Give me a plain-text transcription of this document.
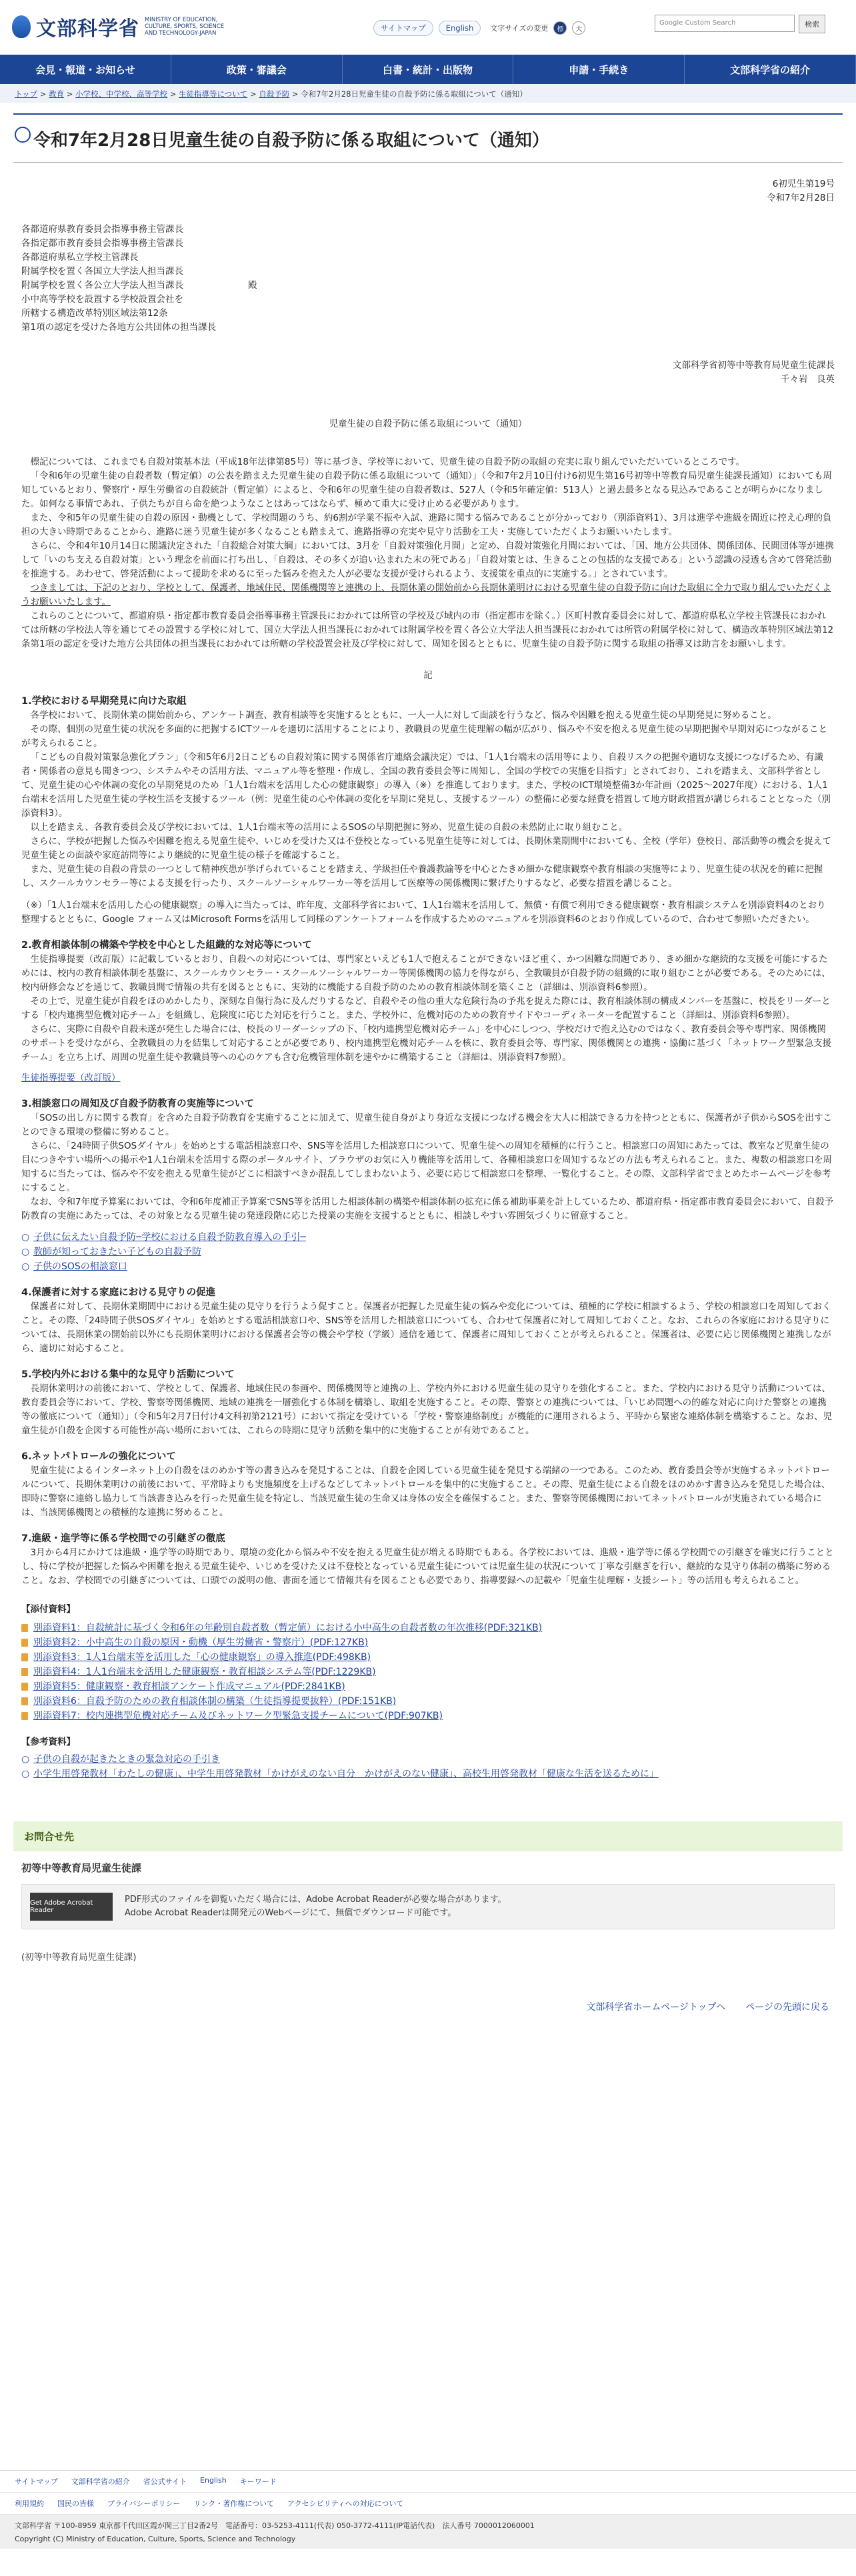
文部科学省 MINISTRY OF EDUCATION, CULTURE, SPORTS, SCIENCE AND TECHNOLOGY-JAPAN
サイトマップ	English	文字サイズの変更	標	大
Google Custom Search	検索
会見・報道・お知らせ	政策・審議会	白書・統計・出版物	申請・手続き	文部科学省の紹介
トップ > 教育 > 小学校、中学校、高等学校 > 生徒指導等について > 自殺予防 > 令和7年2月28日児童生徒の自殺予防に係る取組について（通知）
令和7年2月28日児童生徒の自殺予防に係る取組について（通知）

6初児生第19号

令和7年2月28日

各都道府県教育委員会指導事務主管課長

各指定都市教育委員会指導事務主管課長

各都道府県私立学校主管課長

附属学校を置く各国立大学法人担当課長

附属学校を置く各公立大学法人担当課長

小中高等学校を設置する学校設置会社を

所轄する構造改革特別区域法第12条

第1項の認定を受けた各地方公共団体の担当課長

殿

文部科学省初等中等教育局児童生徒課長

千々岩　良英

児童生徒の自殺予防に係る取組について（通知）

標記については、これまでも自殺対策基本法（平成18年法律第85号）等に基づき、学校等において、児童生徒の自殺予防の取組の充実に取り組んでいただいているところです。

「令和6年の児童生徒の自殺者数（暫定値）の公表を踏まえた児童生徒の自殺予防に係る取組について（通知）」（令和7年2月10日付け6初児生第16号初等中等教育局児童生徒課長通知）においても周知しているとおり、警察庁・厚生労働省の自殺統計（暫定値）によると、令和6年の児童生徒の自殺者数は、527人（令和5年確定値：513人）と過去最多となる見込みであることが明らかになりました。如何なる事情であれ、子供たちが自ら命を絶つようなことはあってはならず、極めて重大に受け止める必要があります。

また、令和5年の児童生徒の自殺の原因・動機として、学校問題のうち、約6割が学業不振や入試、進路に関する悩みであることが分かっており（別添資料1）、3月は進学や進級を間近に控え心理的負担の大きい時期であることから、進路に迷う児童生徒が多くなることも踏まえて、進路指導の充実や見守り活動を工夫・実施していただくようお願いいたします。

さらに、令和4年10月14日に閣議決定された「自殺総合対策大綱」においては、3月を「自殺対策強化月間」と定め、自殺対策強化月間においては、「国、地方公共団体、関係団体、民間団体等が連携して「いのち支える自殺対策」という理念を前面に打ち出し、「自殺は、その多くが追い込まれた末の死である」「自殺対策とは、生きることの包括的な支援である」という認識の浸透も含めて啓発活動を推進する。あわせて、啓発活動によって援助を求めるに至った悩みを抱えた人が必要な支援が受けられるよう、支援策を重点的に実施する。」とされています。

つきましては、下記のとおり、学校として、保護者、地域住民、関係機関等と連携の上、長期休業の開始前から長期休業明けにおける児童生徒の自殺予防に向けた取組に全力で取り組んでいただくようお願いいたします。

これらのことについて、都道府県・指定都市教育委員会指導事務主管課長におかれては所管の学校及び域内の市（指定都市を除く。）区町村教育委員会に対して、都道府県私立学校主管課長におかれては所轄の学校法人等を通じてその設置する学校に対して、国立大学法人担当課長におかれては附属学校を置く各公立大学法人担当課長におかれては所管の附属学校に対して、構造改革特別区域法第12条第1項の認定を受けた地方公共団体の担当課長におかれては所轄の学校設置会社及び学校に対して、周知を図るとともに、児童生徒の自殺予防に関する取組の指導又は助言をお願いします。

記

1.学校における早期発見に向けた取組

各学校において、長期休業の開始前から、アンケート調査、教育相談等を実施するとともに、一人一人に対して面談を行うなど、悩みや困難を抱える児童生徒の早期発見に努めること。

その際、個別の児童生徒の状況を多面的に把握するICTツールを適切に活用することにより、教職員の児童生徒理解の幅が広がり、悩みや不安を抱える児童生徒の早期把握や早期対応につながることが考えられること。

「こどもの自殺対策緊急強化プラン」（令和5年6月2日こどもの自殺対策に関する関係省庁連絡会議決定）では、「1人1台端末の活用等により、自殺リスクの把握や適切な支援につなげるため、有識者・関係者の意見も聞きつつ、システムやその活用方法、マニュアル等を整理・作成し、全国の教育委員会等に周知し、全国の学校での実施を目指す」とされており、これを踏まえ、文部科学省として、児童生徒の心や体調の変化の早期発見のため「1人1台端末を活用した心の健康観察」の導入（※）を推進しております。また、学校のICT環境整備3か年計画（2025～2027年度）における、1人1台端末を活用した児童生徒の学校生活を支援するツール（例：児童生徒の心や体調の変化を早期に発見し、支援するツール）の整備に必要な経費を措置して地方財政措置が講じられることとなった（別添資料3）。

以上を踏まえ、各教育委員会及び学校においては、1人1台端末等の活用によるSOSの早期把握に努め、児童生徒の自殺の未然防止に取り組むこと。

さらに、学校が把握した悩みや困難を抱える児童生徒や、いじめを受けた又は不登校となっている児童生徒等に対しては、長期休業期間中においても、全校（学年）登校日、部活動等の機会を捉えて児童生徒との面談や家庭訪問等により継続的に児童生徒の様子を確認すること。

また、児童生徒の自殺の背景の一つとして精神疾患が挙げられていることを踏まえ、学級担任や養護教諭等を中心とたきめ細かな健康観察や教育相談の実施等により、児童生徒の状況を的確に把握し、スクールカウンセラー等による支援を行ったり、スクールソーシャルワーカー等を活用して医療等の関係機関に繋げたりするなど、必要な措置を講じること。

（※）「1人1台端末を活用した心の健康観察」の導入に当たっては、昨年度、文部科学省において、1人1台端末を活用して、無償・有償で利用できる健康観察・教育相談システムを別添資料4のとおり整理するとともに、Google フォーム又はMicrosoft Formsを活用して同様のアンケートフォームを作成するためのマニュアルを別添資料6のとおり作成しているので、合わせて参照いただきたい。

2.教育相談体制の構築や学校を中心とした組織的な対応等について

生徒指導提要（改訂版）に記載しているとおり、自殺への対応については、専門家といえども1人で抱えることができないほど重く、かつ困難な問題であり、きめ細かな継続的な支援を可能にするためには、校内の教育相談体制を基盤に、スクールカウンセラー・スクールソーシャルワーカー等関係機関の協力を得ながら、全教職員が自殺予防の組織的に取り組むことが必要である。そのためには、校内研修会などを通じて、教職員間で情報の共有を図るとともに、実効的に機能する自殺予防のための教育相談体制を築くこと（詳細は、別添資料6参照）。

その上で、児童生徒が自殺をほのめかしたり、深刻な自傷行為に及んだりするなど、自殺やその他の重大な危険行為の予兆を捉えた際には、教育相談体制の構成メンバーを基盤に、校長をリーダーとする「校内連携型危機対応チーム」を組織し、危険度に応じた対応を行うこと。また、学校外に、危機対応のための教育サイドやコーディネーターを配置すること（詳細は、別添資料6参照）。

さらに、実際に自殺や自殺未遂が発生した場合には、校長のリーダーシップの下、「校内連携型危機対応チーム」を中心にしつつ、学校だけで抱え込むのではなく、教育委員会等や専門家、関係機関のサポートを受けながら、全教職員の力を結集して対応することが必要であり、校内連携型危機対応チームを核に、教育委員会等、専門家、関係機関との連携・協働に基づく「ネットワーク型緊急支援チーム」を立ち上げ、周囲の児童生徒や教職員等への心のケアも含む危機管理体制を速やかに構築すること（詳細は、別添資料7参照）。

生徒指導提要（改訂版）

3.相談窓口の周知及び自殺予防教育の実施等について

「SOSの出し方に関する教育」を含めた自殺予防教育を実施することに加えて、児童生徒自身がより身近な支援につなげる機会を大人に相談できる力を持つとともに、保護者が子供からSOSを出すことのできる環境の整備に努めること。

さらに、「24時間子供SOSダイヤル」を始めとする電話相談窓口や、SNS等を活用した相談窓口について、児童生徒への周知を積極的に行うこと。相談窓口の周知にあたっては、教室など児童生徒の目につきやすい場所への掲示や1人1台端末を活用する際のポータルサイト、ブラウザのお気に入り機能等を活用して、各種相談窓口を周知するなどの方法も考えられること。また、複数の相談窓口を周知するに当たっては、悩みや不安を抱える児童生徒がどこに相談すべきか混乱してしまわないよう、必要に応じて相談窓口を整理、一覧化すること。その際、文部科学省でまとめたホームページを参考にすること。

なお、令和7年度予算案においては、令和6年度補正予算案でSNS等を活用した相談体制の構築や相談体制の拡充に係る補助事業を計上しているため、都道府県・指定都市教育委員会において、自殺予防教育の実施にあたっては、その対象となる児童生徒の発達段階に応じた授業の実施を支援するとともに、相談しやすい雰囲気づくりに留意すること。

○ 子供に伝えたい自殺予防─学校における自殺予防教育導入の手引─
○ 教師が知っておきたい子どもの自殺予防
○ 子供のSOSの相談窓口
4.保護者に対する家庭における見守りの促進

保護者に対して、長期休業期間中における児童生徒の見守りを行うよう促すこと。保護者が把握した児童生徒の悩みや変化については、積極的に学校に相談するよう、学校の相談窓口を周知しておくこと。その際、「24時間子供SOSダイヤル」を始めとする電話相談窓口や、SNS等を活用した相談窓口についても、合わせて保護者に対して周知しておくこと。なお、これらの各家庭における見守りについては、長期休業の開始前以外にも長期休業明けにおける保護者会等の機会や学校（学級）通信を通じて、保護者に周知しておくことが考えられること。保護者は、必要に応じ関係機関と連携しながら、適切に対応すること。

5.学校内外における集中的な見守り活動について

長期休業明けの前後において、学校として、保護者、地域住民の参画や、関係機関等と連携の上、学校内外における児童生徒の見守りを強化すること。また、学校内における見守り活動については、教育委員会等において、学校、警察等関係機関、地域の連携を一層強化する体制を構築し、取組を実施すること。その際、警察との連携については、「いじめ問題への的確な対応に向けた警察との連携等の徹底について（通知）」（令和5年2月7日付け4文科初第2121号）において指定を受けている「学校・警察連絡制度」が機能的に運用されるよう、平時から緊密な連絡体制を構築すること。なお、児童生徒が自殺を企図する可能性が高い場所においては、これらの時期に見守り活動を集中的に実施することが有効であること。

6.ネットパトロールの強化について

児童生徒によるインターネット上の自殺をほのめかす等の書き込みを発見することは、自殺を企図している児童生徒を発見する端緒の一つである。このため、教育委員会等が実施するネットパトロールについて、長期休業明けの前後において、平常時よりも実施頻度を上げるなどしてネットパトロールを集中的に実施すること。その際、児童生徒による自殺をほのめかす書き込みを発見した場合は、即時に警察に連絡し協力して当該書き込みを行った児童生徒を特定し、当該児童生徒の生命又は身体の安全を確保すること。また、警察等関係機関においてネットパトロールが実施されている場合には、当該関係機関との積極的な連携に努めること。

7.進級・進学等に係る学校間での引継ぎの徹底

3月から4月にかけては進級・進学等の時期であり、環境の変化から悩みや不安を抱える児童生徒が増える時期でもある。各学校においては、進級・進学等に係る学校間での引継ぎを確実に行うこととし、特に学校が把握した悩みや困難を抱える児童生徒や、いじめを受けた又は不登校となっている児童生徒については児童生徒の状況について丁寧な引継ぎを行い、継続的な見守り体制の構築に努めること。なお、学校間での引継ぎについては、口頭での説明の他、書面を通じて情報共有を図ることも必要であり、指導要録への記載や「児童生徒理解・支援シート」等の活用も考えられること。

【添付資料】

別添資料1：自殺統計に基づく令和6年の年齢別自殺者数（暫定値）における小中高生の自殺者数の年次推移(PDF:321KB)
別添資料2：小中高生の自殺の原因・動機（厚生労働省・警察庁）(PDF:127KB)
別添資料3：1人1台端末等を活用した「心の健康観察」の導入推進(PDF:498KB)
別添資料4：1人1台端末を活用した健康観察・教育相談システム等(PDF:1229KB)
別添資料5：健康観察・教育相談アンケート作成マニュアル(PDF:2841KB)
別添資料6：自殺予防のための教育相談体制の構築（生徒指導提要抜粋）(PDF:151KB)
別添資料7：校内連携型危機対応チーム及びネットワーク型緊急支援チームについて(PDF:907KB)

【参考資料】

○ 子供の自殺が起きたときの緊急対応の手引き
○ 小学生用啓発教材「わたしの健康」、中学生用啓発教材「かけがえのない自分　かけがえのない健康」、高校生用啓発教材「健康な生活を送るために」
お問合せ先
初等中等教育局児童生徒課
Get Adobe Acrobat Reader

PDF形式のファイルを御覧いただく場合には、Adobe Acrobat Readerが必要な場合があります。

Adobe Acrobat Readerは開発元のWebページにて、無償でダウンロード可能です。

(初等中等教育局児童生徒課)

文部科学省ホームページトップへ ページの先頭に戻る
サイトマップ 文部科学省の紹介 省公式サイト English キーワード
利用規約 国民の皆様 プライバシーポリシー リンク・著作権について アクセシビリティへの対応について

文部科学省 〒100-8959 東京都千代田区霞が関三丁目2番2号　電話番号：03-5253-4111(代表) 050-3772-4111(IP電話代表)　法人番号 7000012060001

Copyright (C) Ministry of Education, Culture, Sports, Science and Technology
